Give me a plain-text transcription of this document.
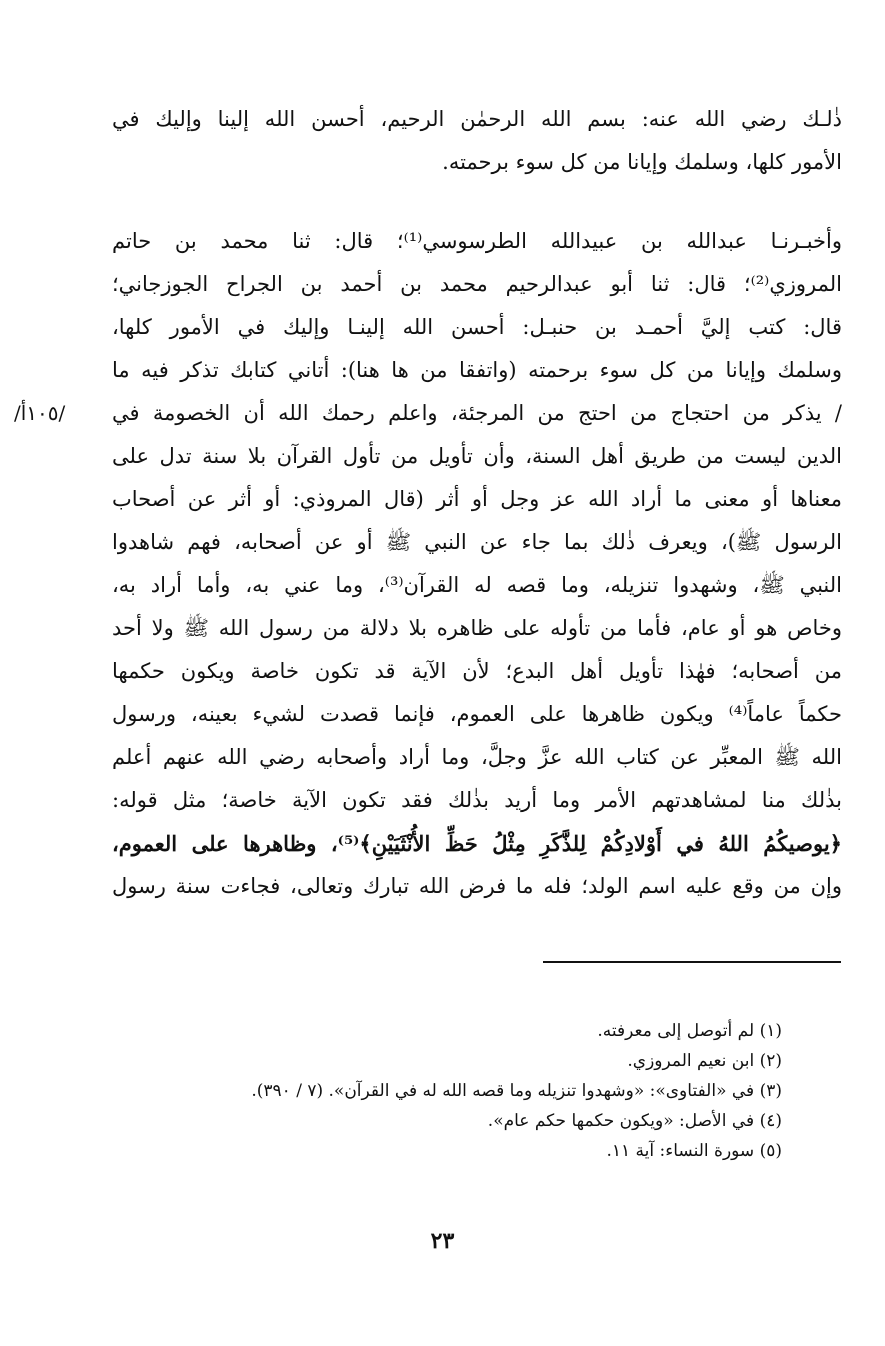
ذٰلـك رضي الله عنه: بسم الله الرحمٰن الرحيم، أحسن الله إلينا وإليك في
الأمور كلها، وسلمك وإيانا من كل سوء برحمته.
وأخبـرنـا عبدالله بن عبيدالله الطرسوسي⁽¹⁾؛ قال: ثنا محمد بن حاتم
المروزي⁽²⁾؛ قال: ثنا أبو عبدالرحيم محمد بن أحمد بن الجراح الجوزجاني؛
قال: كتب إليَّ أحمـد بن حنبـل: أحسن الله إلينـا وإليك في الأمور كلها،
وسلمك وإيانا من كل سوء برحمته (واتفقا من ها هنا): أتاني كتابك تذكر فيه ما
/ يذكر من احتجاج من احتج من المرجئة، واعلم رحمك الله أن الخصومة في
الدين ليست من طريق أهل السنة، وأن تأويل من تأول القرآن بلا سنة تدل على
معناها أو معنى ما أراد الله عز وجل أو أثر (قال المروذي: أو أثر عن أصحاب
الرسول ﷺ)، ويعرف ذٰلك بما جاء عن النبي ﷺ أو عن أصحابه، فهم شاهدوا
النبي ﷺ، وشهدوا تنزيله، وما قصه له القرآن⁽³⁾، وما عني به، وأما أراد به،
وخاص هو أو عام، فأما من تأوله على ظاهره بلا دلالة من رسول الله ﷺ ولا أحد
من أصحابه؛ فهٰذا تأويل أهل البدع؛ لأن الآية قد تكون خاصة ويكون حكمها
حكماً عاماً⁽⁴⁾ ويكون ظاهرها على العموم، فإنما قصدت لشيء بعينه، ورسول
الله ﷺ المعبِّر عن كتاب الله عزَّ وجلَّ، وما أراد وأصحابه رضي الله عنهم أعلم
بذٰلك منا لمشاهدتهم الأمر وما أريد بذٰلك فقد تكون الآية خاصة؛ مثل قوله:
﴿يوصيكُمُ اللهُ في أَوْلادِكُمْ لِلذَّكَرِ مِثْلُ حَظِّ الأُنْثَيَيْنِ﴾⁽⁵⁾، وظاهرها على العموم،
وإن من وقع عليه اسم الولد؛ فله ما فرض الله تبارك وتعالى، فجاءت سنة رسول
/١٠٥أ/
(١) لم أتوصل إلى معرفته.
(٢) ابن نعيم المروزي.
(٣) في «الفتاوى»: «وشهدوا تنزيله وما قصه الله له في القرآن». (٧ / ٣٩٠).
(٤) في الأصل: «ويكون حكمها حكم عام».
(٥) سورة النساء: آية ١١.
٢٣
